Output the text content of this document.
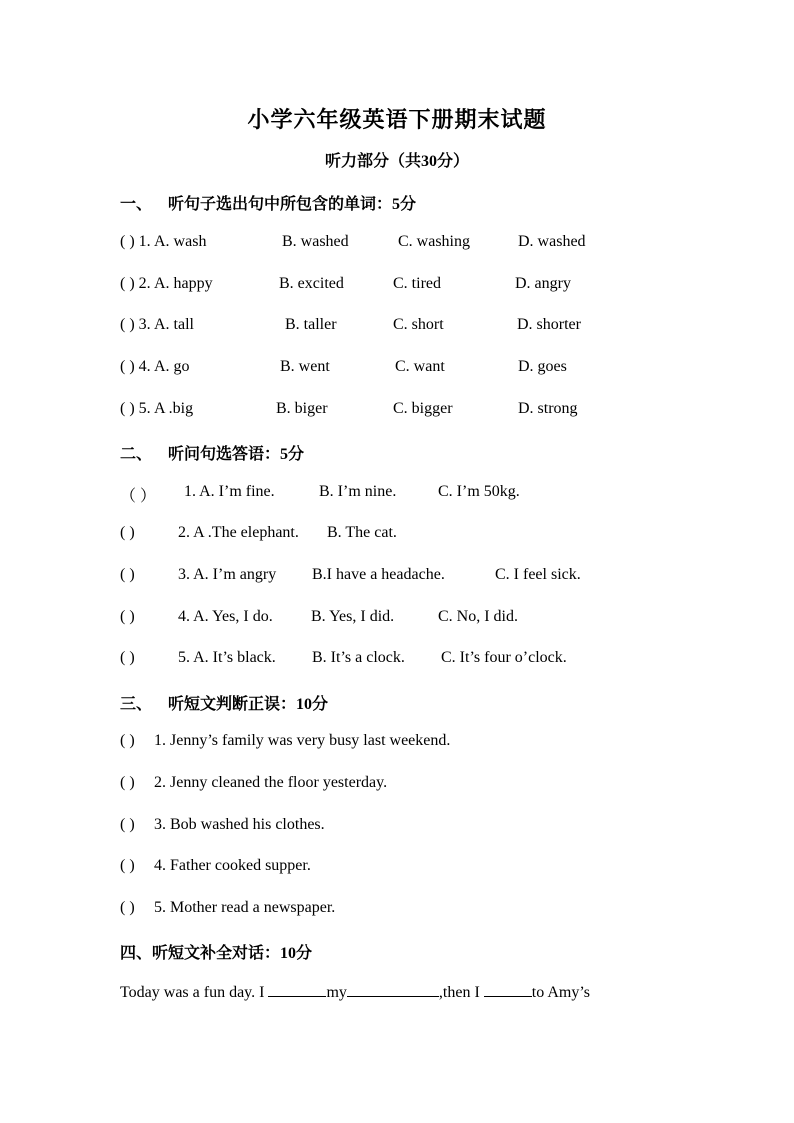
小学六年级英语下册期末试题
听力部分（共30分）
一、 听句子选出句中所包含的单词：5分
( ) 1. A. wash	B. washed	C. washing	D. washed
( ) 2. A. happy	B. excited	C. tired	D. angry
( ) 3. A. tall	B. taller	C. short	D. shorter
( ) 4. A. go	B. went	C. want	D. goes
( ) 5. A .big	B. biger	C. bigger	D. strong
二、 听问句选答语：5分
（ ） 1. A. I’m fine.	B. I’m nine.	C. I’m 50kg.
( )	2. A .The elephant. B. The cat.
( )	3. A. I’m angry B.I have a headache.	C. I feel sick.
( )	4. A. Yes, I do. B. Yes, I did.	C. No, I did.
( )	5. A. It’s black. B. It’s a clock. C. It’s four o’clock.
三、 听短文判断正误：10分
( ) 1. Jenny’s family was very busy last weekend.
( ) 2. Jenny cleaned the floor yesterday.
( ) 3. Bob washed his clothes.
( ) 4. Father cooked supper.
( ) 5. Mother read a newspaper.
四、听短文补全对话：10分
Today was a fun day. I	my	,then I	to Amy’s
